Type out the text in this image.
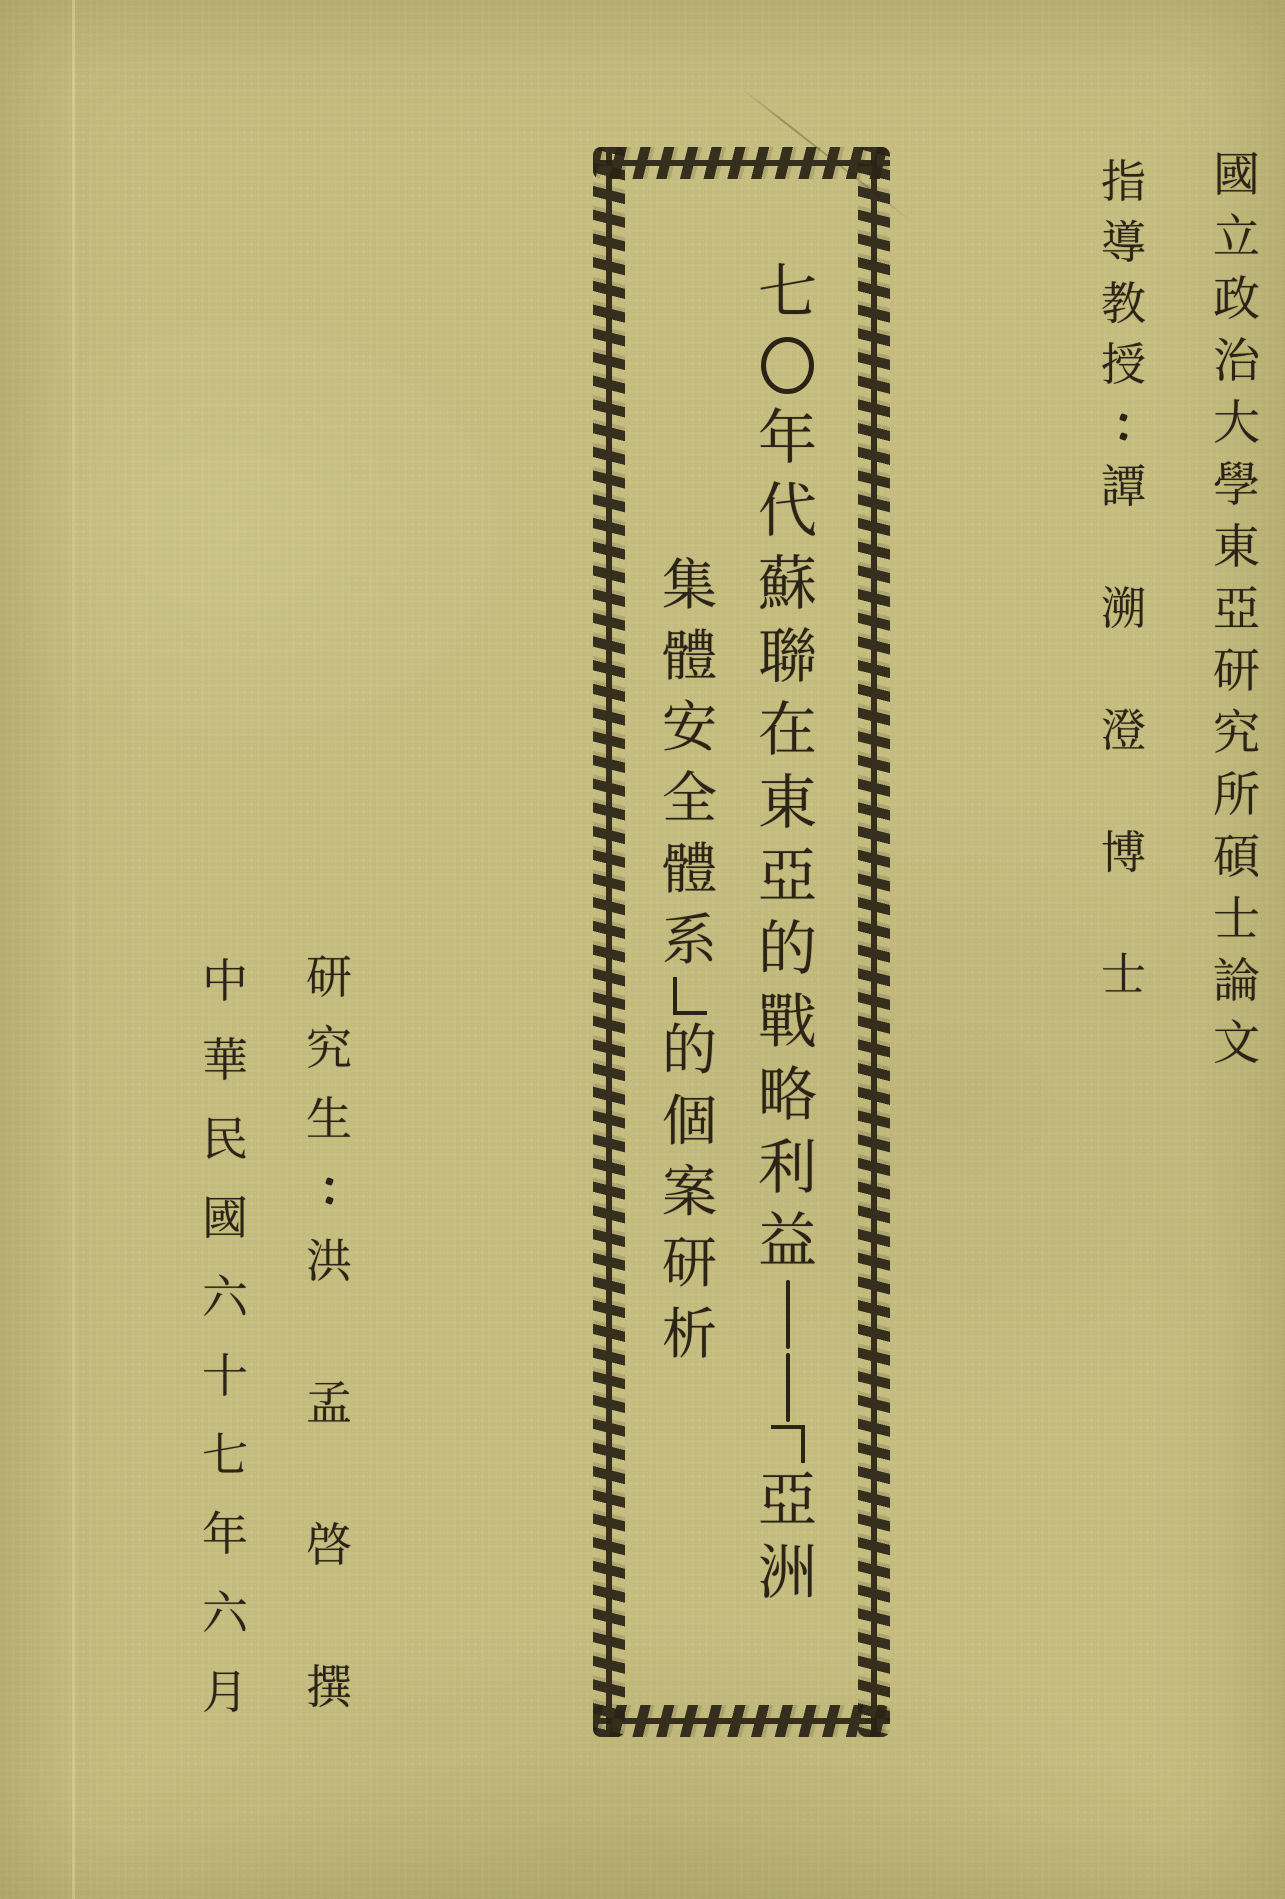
國
立
政
治
大
學
東
亞
研
究
所
碩
士
論
文
指
導
教
授
譚
溯
澄
博
士
七
年
代
蘇
聯
在
東
亞
的
戰
略
利
益
亞
洲
集
體
安
全
體
系
的
個
案
研
析
研
究
生
洪
孟
啓
撰
中
華
民
國
六
十
七
年
六
月
